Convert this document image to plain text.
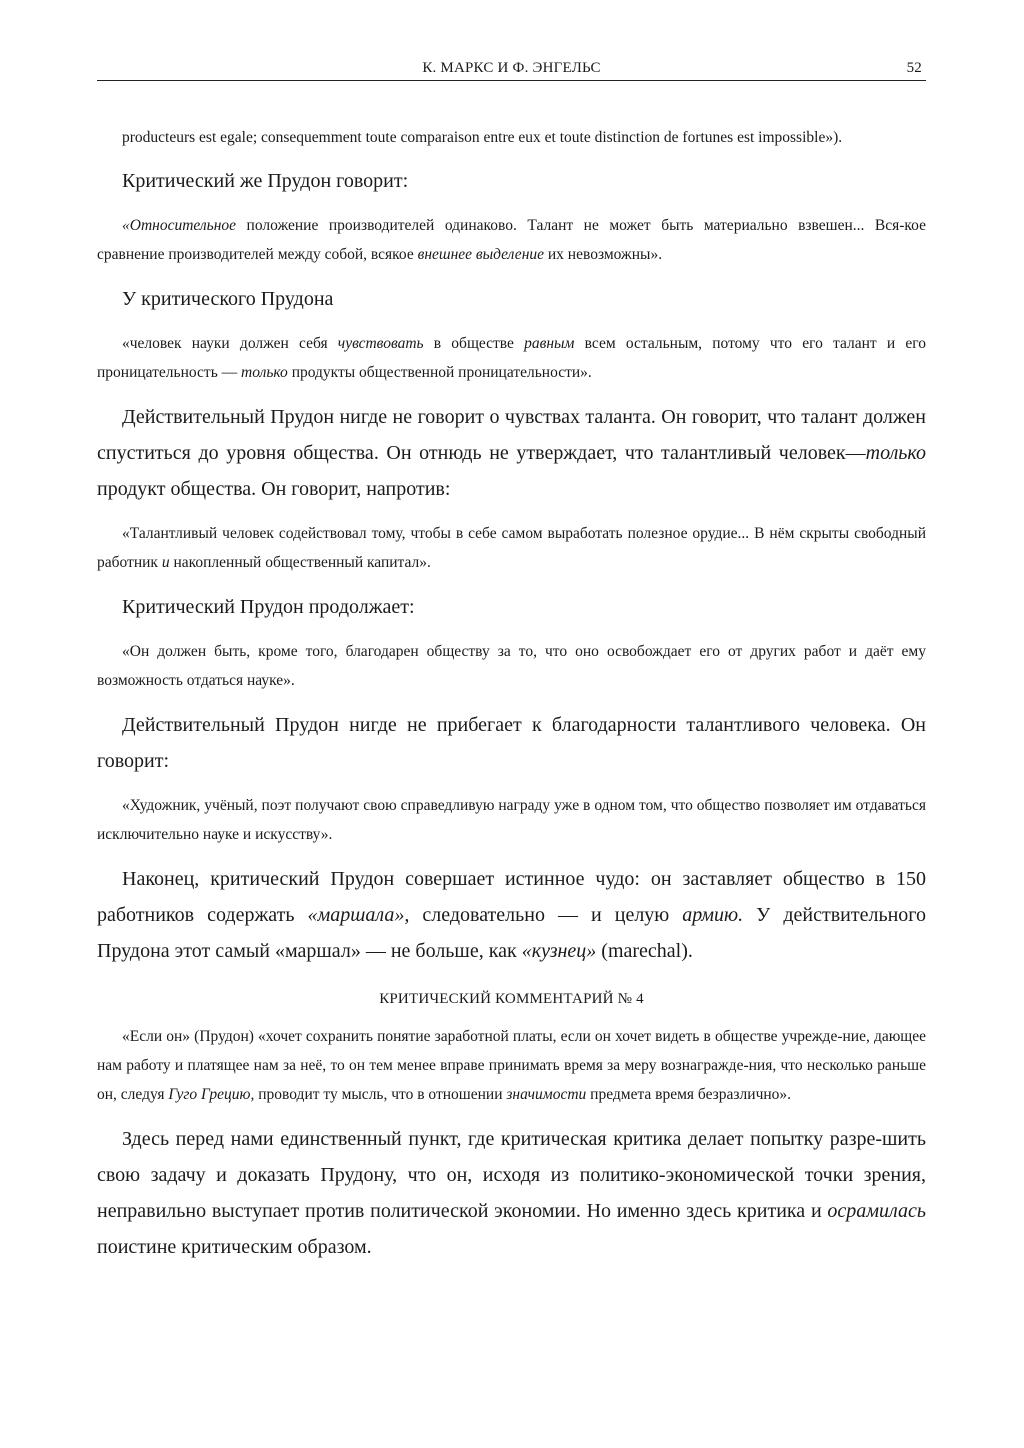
К. МАРКС И Ф. ЭНГЕЛЬС	52

producteurs est egale; consequemment toute comparaison entre eux et toute distinction de fortunes est impossible»).

Критический же Прудон говорит:

«Относительное положение производителей одинаково. Талант не может быть материально взвешен... Вся-кое сравнение производителей между собой, всякое внешнее выделение их невозможны».

У критического Прудона

«человек науки должен себя чувствовать в обществе равным всем остальным, потому что его талант и его проницательность — только продукты общественной проницательности».

Действительный Прудон нигде не говорит о чувствах таланта. Он говорит, что талант должен спуститься до уровня общества. Он отнюдь не утверждает, что талантливый человек—только продукт общества. Он говорит, напротив:

«Талантливый человек содействовал тому, чтобы в себе самом выработать полезное орудие... В нём скрыты свободный работник и накопленный общественный капитал».

Критический Прудон продолжает:

«Он должен быть, кроме того, благодарен обществу за то, что оно освобождает его от других работ и даёт ему возможность отдаться науке».

Действительный Прудон нигде не прибегает к благодарности талантливого человека. Он говорит:

«Художник, учёный, поэт получают свою справедливую награду уже в одном том, что общество позволяет им отдаваться исключительно науке и искусству».

Наконец, критический Прудон совершает истинное чудо: он заставляет общество в 150 работников содержать «маршала», следовательно — и целую армию. У действительного Прудона этот самый «маршал» — не больше, как «кузнец» (marechal).

КРИТИЧЕСКИЙ КОММЕНТАРИЙ № 4

«Если он» (Прудон) «хочет сохранить понятие заработной платы, если он хочет видеть в обществе учрежде-ние, дающее нам работу и платящее нам за неё, то он тем менее вправе принимать время за меру вознагражде-ния, что несколько раньше он, следуя Гуго Грецию, проводит ту мысль, что в отношении значимости предмета время безразлично».

Здесь перед нами единственный пункт, где критическая критика делает попытку разре-шить свою задачу и доказать Прудону, что он, исходя из политико-экономической точки зрения, неправильно выступает против политической экономии. Но именно здесь критика и осрамилась поистине критическим образом.
